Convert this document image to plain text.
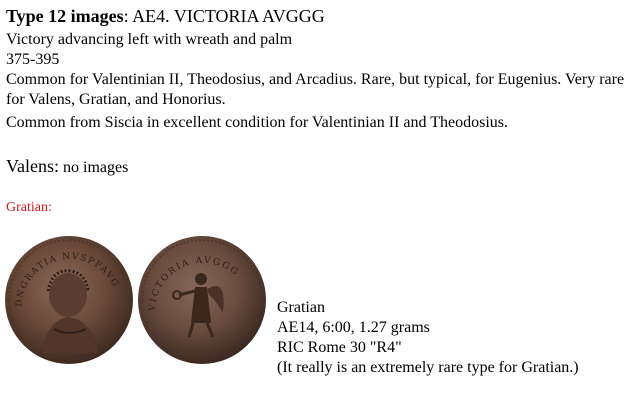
Type 12 images: AE4. VICTORIA AVGGG
Victory advancing left with wreath and palm
375-395
Common for Valentinian II, Theodosius, and Arcadius. Rare, but typical, for Eugenius. Very rare for Valens, Gratian, and Honorius.
Common from Siscia in excellent condition for Valentinian II and Theodosius.
Valens: no images
Gratian:
DNGRATIA NVSPFAVG
VICTORIA AVGGG
Gratian
AE14, 6:00, 1.27 grams
RIC Rome 30 "R4"
(It really is an extremely rare type for Gratian.)
